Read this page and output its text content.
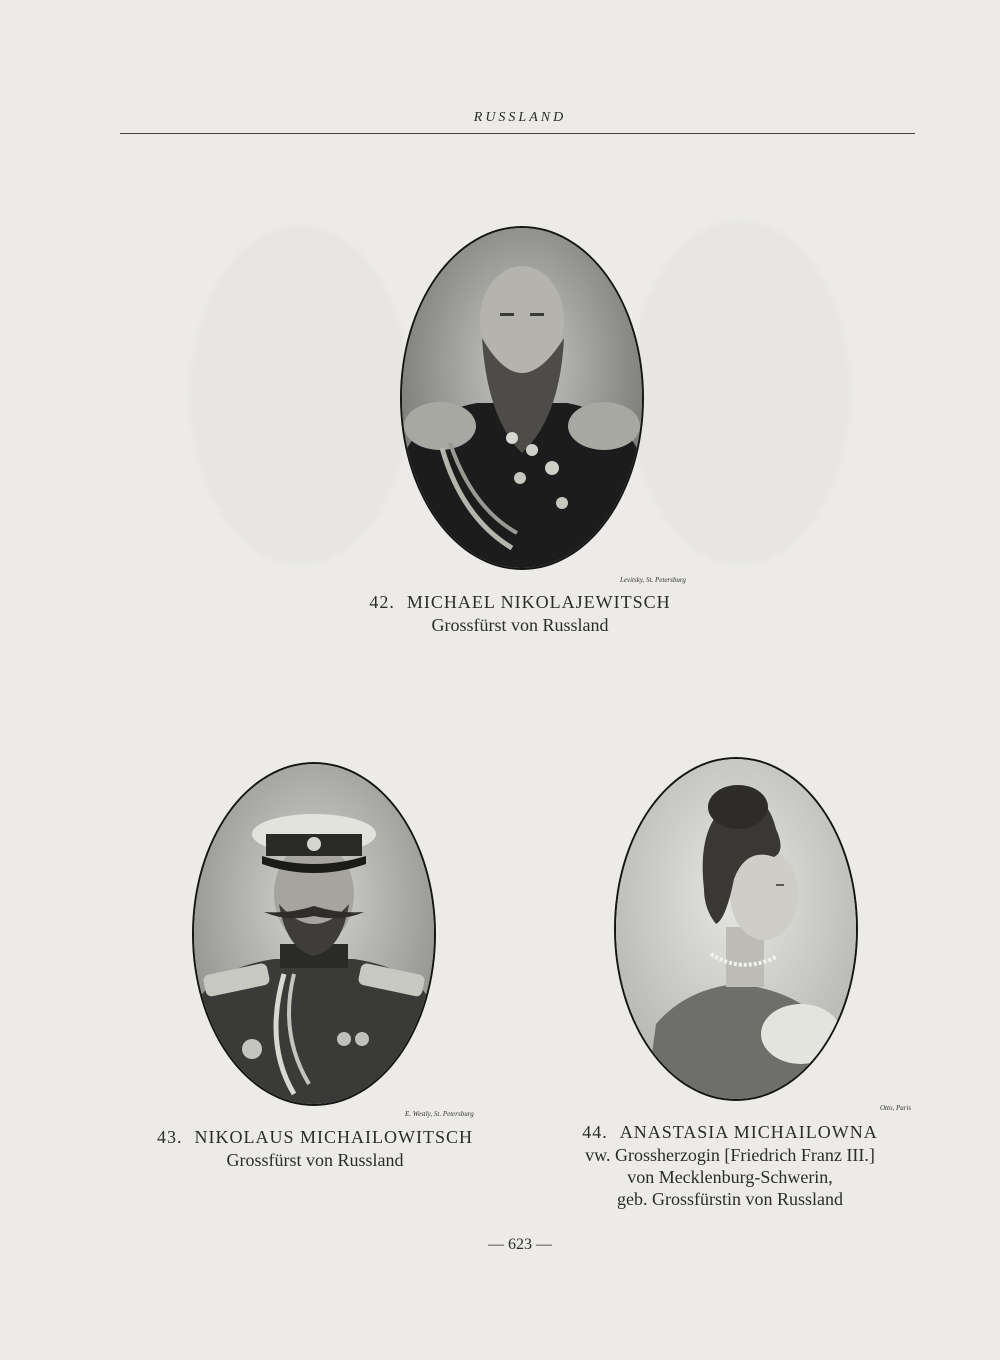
RUSSLAND
Levitsky, St. Petersburg
42. MICHAEL NIKOLAJEWITSCH
Grossfürst von Russland
E. Westly, St. Petersburg
43. NIKOLAUS MICHAILOWITSCH
Grossfürst von Russland
Otto, Paris
44. ANASTASIA MICHAILOWNA
vw. Grossherzogin [Friedrich Franz III.]
von Mecklenburg-Schwerin,
geb. Grossfürstin von Russland
— 623 —
